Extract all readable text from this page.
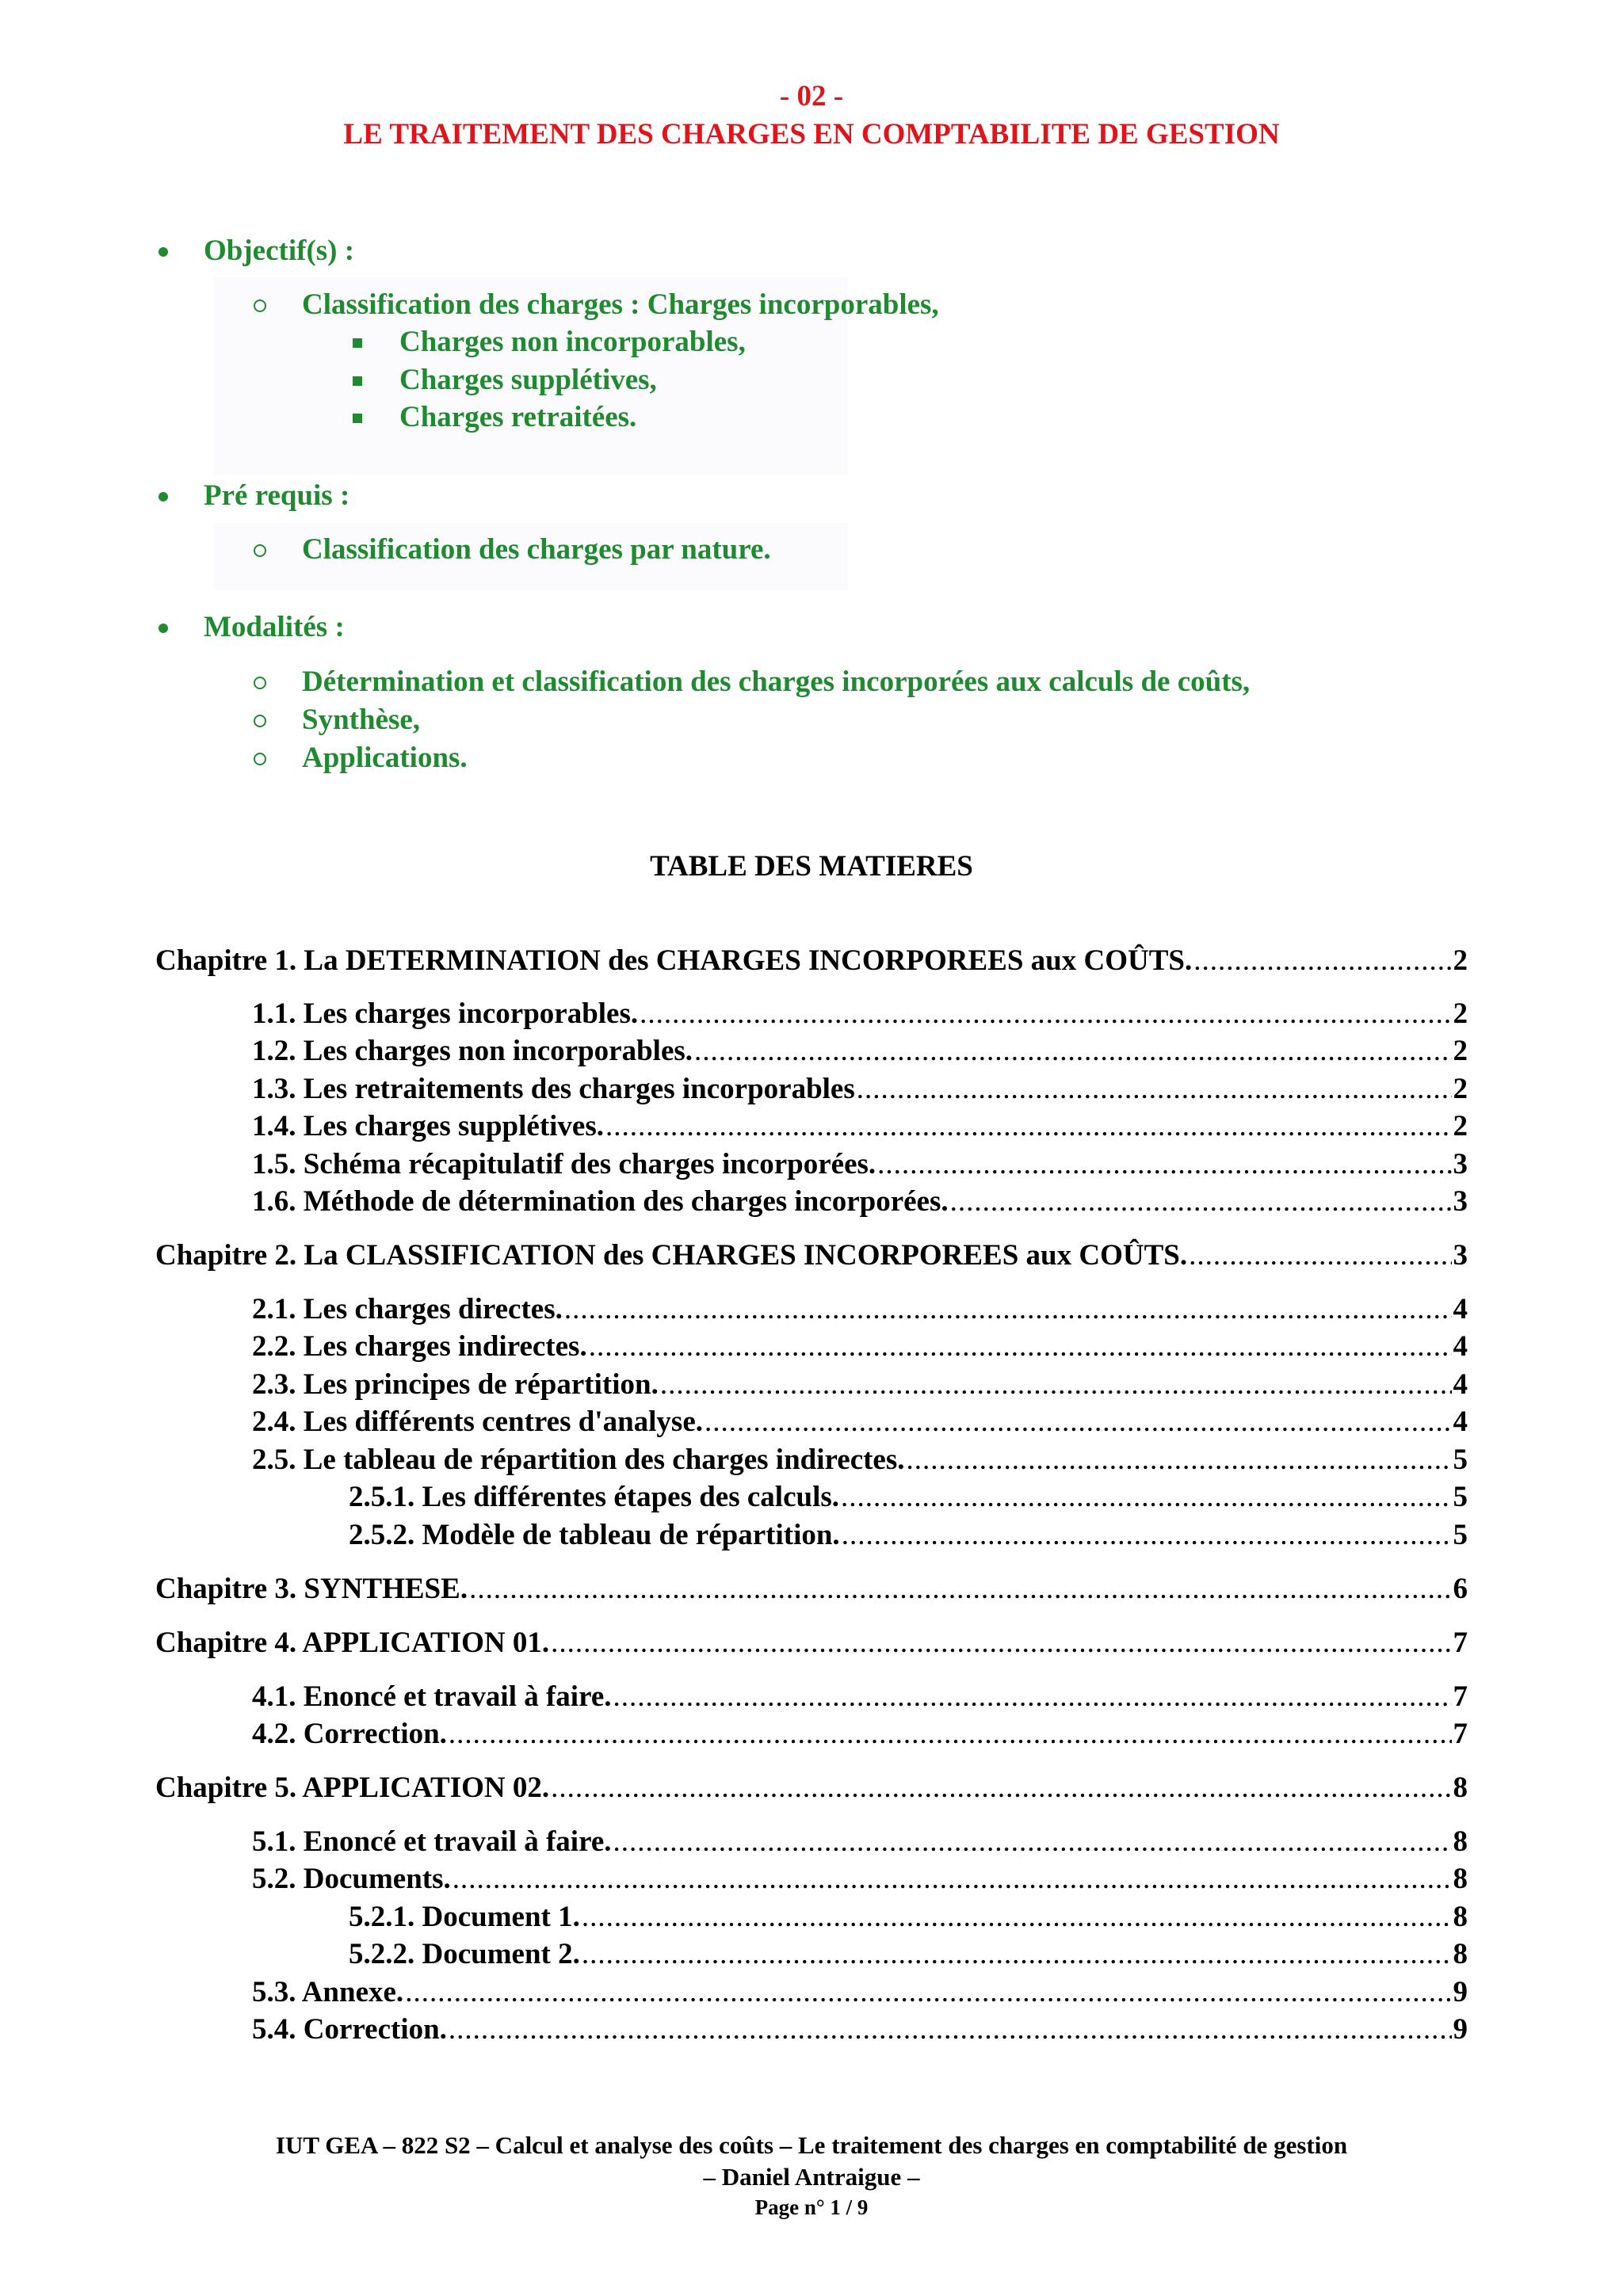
- 02 -
LE TRAITEMENT DES CHARGES EN COMPTABILITE DE GESTION
Objectif(s) :
Classification des charges : Charges incorporables,
Charges non incorporables,
Charges supplétives,
Charges retraitées.
Pré requis :
Classification des charges par nature.
Modalités :
Détermination et classification des charges incorporées aux calculs de coûts,
Synthèse,
Applications.
TABLE DES MATIERES
Chapitre 1. La DETERMINATION des CHARGES INCORPOREES aux COÛTS. .....	2
1.1. Les charges incorporables. .....	2
1.2. Les charges non incorporables. .....	2
1.3. Les retraitements des charges incorporables .....	2
1.4. Les charges supplétives. .....	2
1.5. Schéma récapitulatif des charges incorporées. .....	3
1.6. Méthode de détermination des charges incorporées. .....	3
Chapitre 2. La CLASSIFICATION des CHARGES INCORPOREES aux COÛTS. .....	3
2.1. Les charges directes. .....	4
2.2. Les charges indirectes. .....	4
2.3. Les principes de répartition. .....	4
2.4. Les différents centres d'analyse. .....	4
2.5. Le tableau de répartition des charges indirectes. .....	5
2.5.1. Les différentes étapes des calculs. .....	5
2.5.2. Modèle de tableau de répartition. .....	5
Chapitre 3. SYNTHESE. .....	6
Chapitre 4. APPLICATION 01. .....	7
4.1. Enoncé et travail à faire. .....	7
4.2. Correction. .....	7
Chapitre 5. APPLICATION 02. .....	8
5.1. Enoncé et travail à faire. .....	8
5.2. Documents. .....	8
5.2.1. Document 1. .....	8
5.2.2. Document 2. .....	8
5.3. Annexe. .....	9
5.4. Correction. .....	9
IUT GEA – 822 S2 – Calcul et analyse des coûts – Le traitement des charges en comptabilité de gestion
– Daniel Antraigue –
Page n° 1 / 9
